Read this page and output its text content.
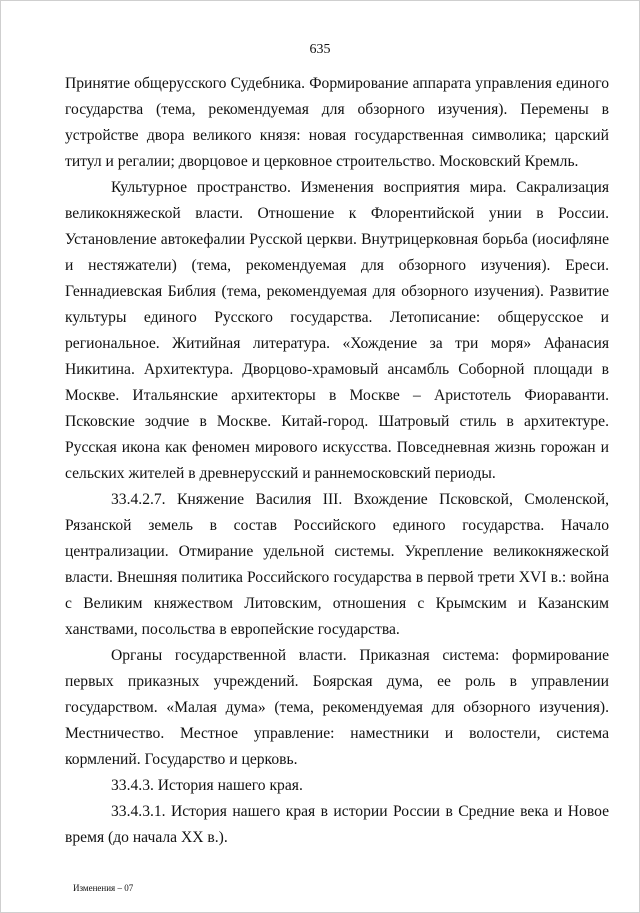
635

Принятие общерусского Судебника. Формирование аппарата управления единого государства (тема, рекомендуемая для обзорного изучения). Перемены в устройстве двора великого князя: новая государственная символика; царский титул и регалии; дворцовое и церковное строительство. Московский Кремль.

Культурное пространство. Изменения восприятия мира. Сакрализация великокняжеской власти. Отношение к Флорентийской унии в России. Установление автокефалии Русской церкви. Внутрицерковная борьба (иосифляне и нестяжатели) (тема, рекомендуемая для обзорного изучения). Ереси. Геннадиевская Библия (тема, рекомендуемая для обзорного изучения). Развитие культуры единого Русского государства. Летописание: общерусское и региональное. Житийная литература. «Хождение за три моря» Афанасия Никитина. Архитектура. Дворцово-храмовый ансамбль Соборной площади в Москве. Итальянские архитекторы в Москве – Аристотель Фиораванти. Псковские зодчие в Москве. Китай-город. Шатровый стиль в архитектуре. Русская икона как феномен мирового искусства. Повседневная жизнь горожан и сельских жителей в древнерусский и раннемосковский периоды.

33.4.2.7. Княжение Василия III. Вхождение Псковской, Смоленской, Рязанской земель в состав Российского единого государства. Начало централизации. Отмирание удельной системы. Укрепление великокняжеской власти. Внешняя политика Российского государства в первой трети XVI в.: война с Великим княжеством Литовским, отношения с Крымским и Казанским ханствами, посольства в европейские государства.

Органы государственной власти. Приказная система: формирование первых приказных учреждений. Боярская дума, ее роль в управлении государством. «Малая дума» (тема, рекомендуемая для обзорного изучения). Местничество. Местное управление: наместники и волостели, система кормлений. Государство и церковь.

33.4.3. История нашего края.

33.4.3.1. История нашего края в истории России в Средние века и Новое время (до начала XX в.).

Изменения – 07
